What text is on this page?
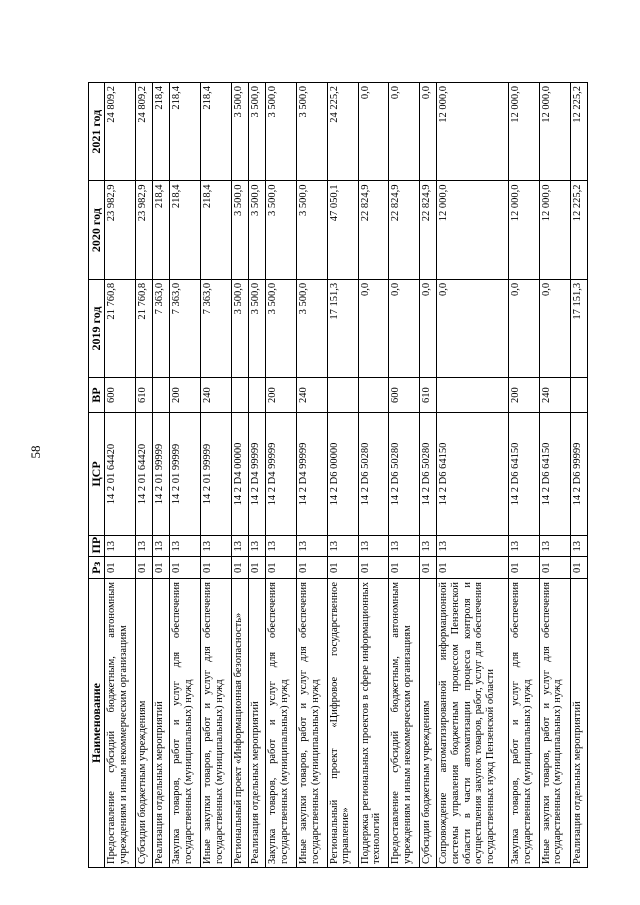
58
Наименование	Рз	ПР	ЦСР	ВР	2019 год	2020 год	2021 год
Предоставление субсидий бюджетным, автономным учреждениям и иным некоммерческим организациям	01	13	14 2 01 64420	600	21 760,8	23 982,9	24 809,2
Субсидии бюджетным учреждениям	01	13	14 2 01 64420	610	21 760,8	23 982,9	24 809,2
Реализация отдельных мероприятий	01	13	14 2 01 99999		7 363,0	218,4	218,4
Закупка товаров, работ и услуг для обеспечения государственных (муниципальных) нужд	01	13	14 2 01 99999	200	7 363,0	218,4	218,4
Иные закупки товаров, работ и услуг для обеспечения государственных (муниципальных) нужд	01	13	14 2 01 99999	240	7 363,0	218,4	218,4
Региональный проект «Информационная безопасность»	01	13	14 2 D4 00000		3 500,0	3 500,0	3 500,0
Реализация отдельных мероприятий	01	13	14 2 D4 99999		3 500,0	3 500,0	3 500,0
Закупка товаров, работ и услуг для обеспечения государственных (муниципальных) нужд	01	13	14 2 D4 99999	200	3 500,0	3 500,0	3 500,0
Иные закупки товаров, работ и услуг для обеспечения государственных (муниципальных) нужд	01	13	14 2 D4 99999	240	3 500,0	3 500,0	3 500,0
Региональный проект «Цифровое государственное управление»	01	13	14 2 D6 00000		17 151,3	47 050,1	24 225,2
Поддержка региональных проектов в сфере информационных технологий	01	13	14 2 D6 50280		0,0	22 824,9	0,0
Предоставление субсидий бюджетным, автономным учреждениям и иным некоммерческим организациям	01	13	14 2 D6 50280	600	0,0	22 824,9	0,0
Субсидии бюджетным учреждениям	01	13	14 2 D6 50280	610	0,0	22 824,9	0,0
Сопровождение автоматизированной информационной системы управления бюджетным процессом Пензенской области в части автоматизации процесса контроля и осуществления закупок товаров, работ, услуг для обеспечения государственных нужд Пензенской области	01	13	14 2 D6 64150		0,0	12 000,0	12 000,0
Закупка товаров, работ и услуг для обеспечения государственных (муниципальных) нужд	01	13	14 2 D6 64150	200	0,0	12 000,0	12 000,0
Иные закупки товаров, работ и услуг для обеспечения государственных (муниципальных) нужд	01	13	14 2 D6 64150	240	0,0	12 000,0	12 000,0
Реализация отдельных мероприятий	01	13	14 2 D6 99999		17 151,3	12 225,2	12 225,2
